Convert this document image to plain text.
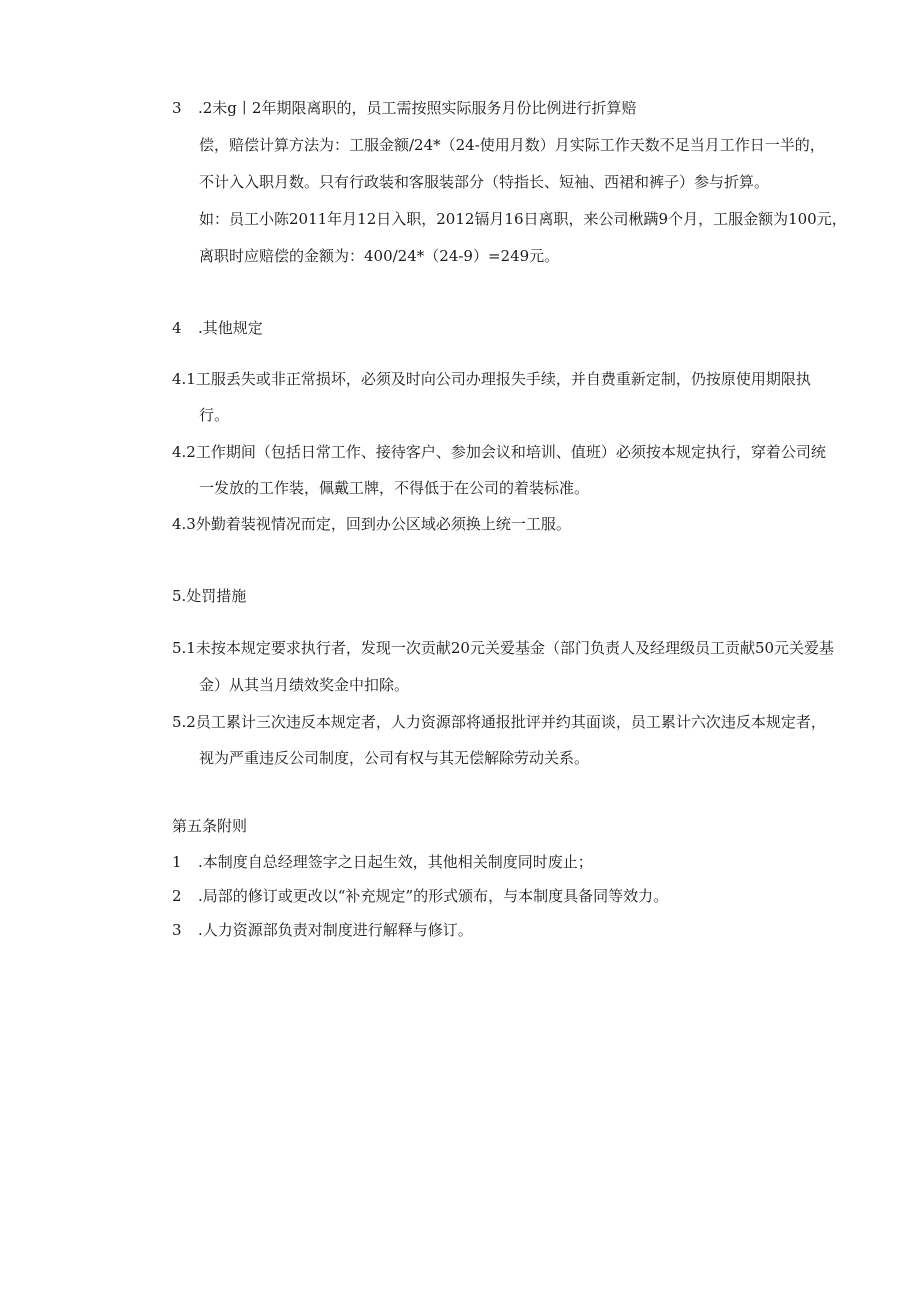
3 .2未g丨2年期限离职的，员工需按照实际服务月份比例进行折算赔
偿，赔偿计算方法为：工服金额/24*（24-使用月数）月实际工作天数不足当月工作日一半的，
不计入入职月数。只有行政装和客服装部分（特指长、短袖、西裙和裤子）参与折算。
如：员工小陈2011年月12日入职，2012镉月16日离职，来公司楸蹒9个月，工服金额为100元，
离职时应赔偿的金额为：400/24*（24-9）=249元。
4 .其他规定
4.1工服丢失或非正常损坏，必须及时向公司办理报失手续，并自费重新定制，仍按原使用期限执
行。
4.2工作期间（包括日常工作、接待客户、参加会议和培训、值班）必须按本规定执行，穿着公司统
一发放的工作装，佩戴工牌，不得低于在公司的着装标准。
4.3外勤着装视情况而定，回到办公区域必须换上统一工服。
5.处罚措施
5.1未按本规定要求执行者，发现一次贡献20元关爱基金（部门负责人及经理级员工贡献50元关爱基
金）从其当月绩效奖金中扣除。
5.2员工累计三次违反本规定者，人力资源部将通报批评并约其面谈，员工累计六次违反本规定者，
视为严重违反公司制度，公司有权与其无偿解除劳动关系。
第五条附则
1 .本制度自总经理签字之日起生效，其他相关制度同时废止；
2 .局部的修订或更改以“补充规定”的形式颁布，与本制度具备同等效力。
3 .人力资源部负责对制度进行解释与修订。
